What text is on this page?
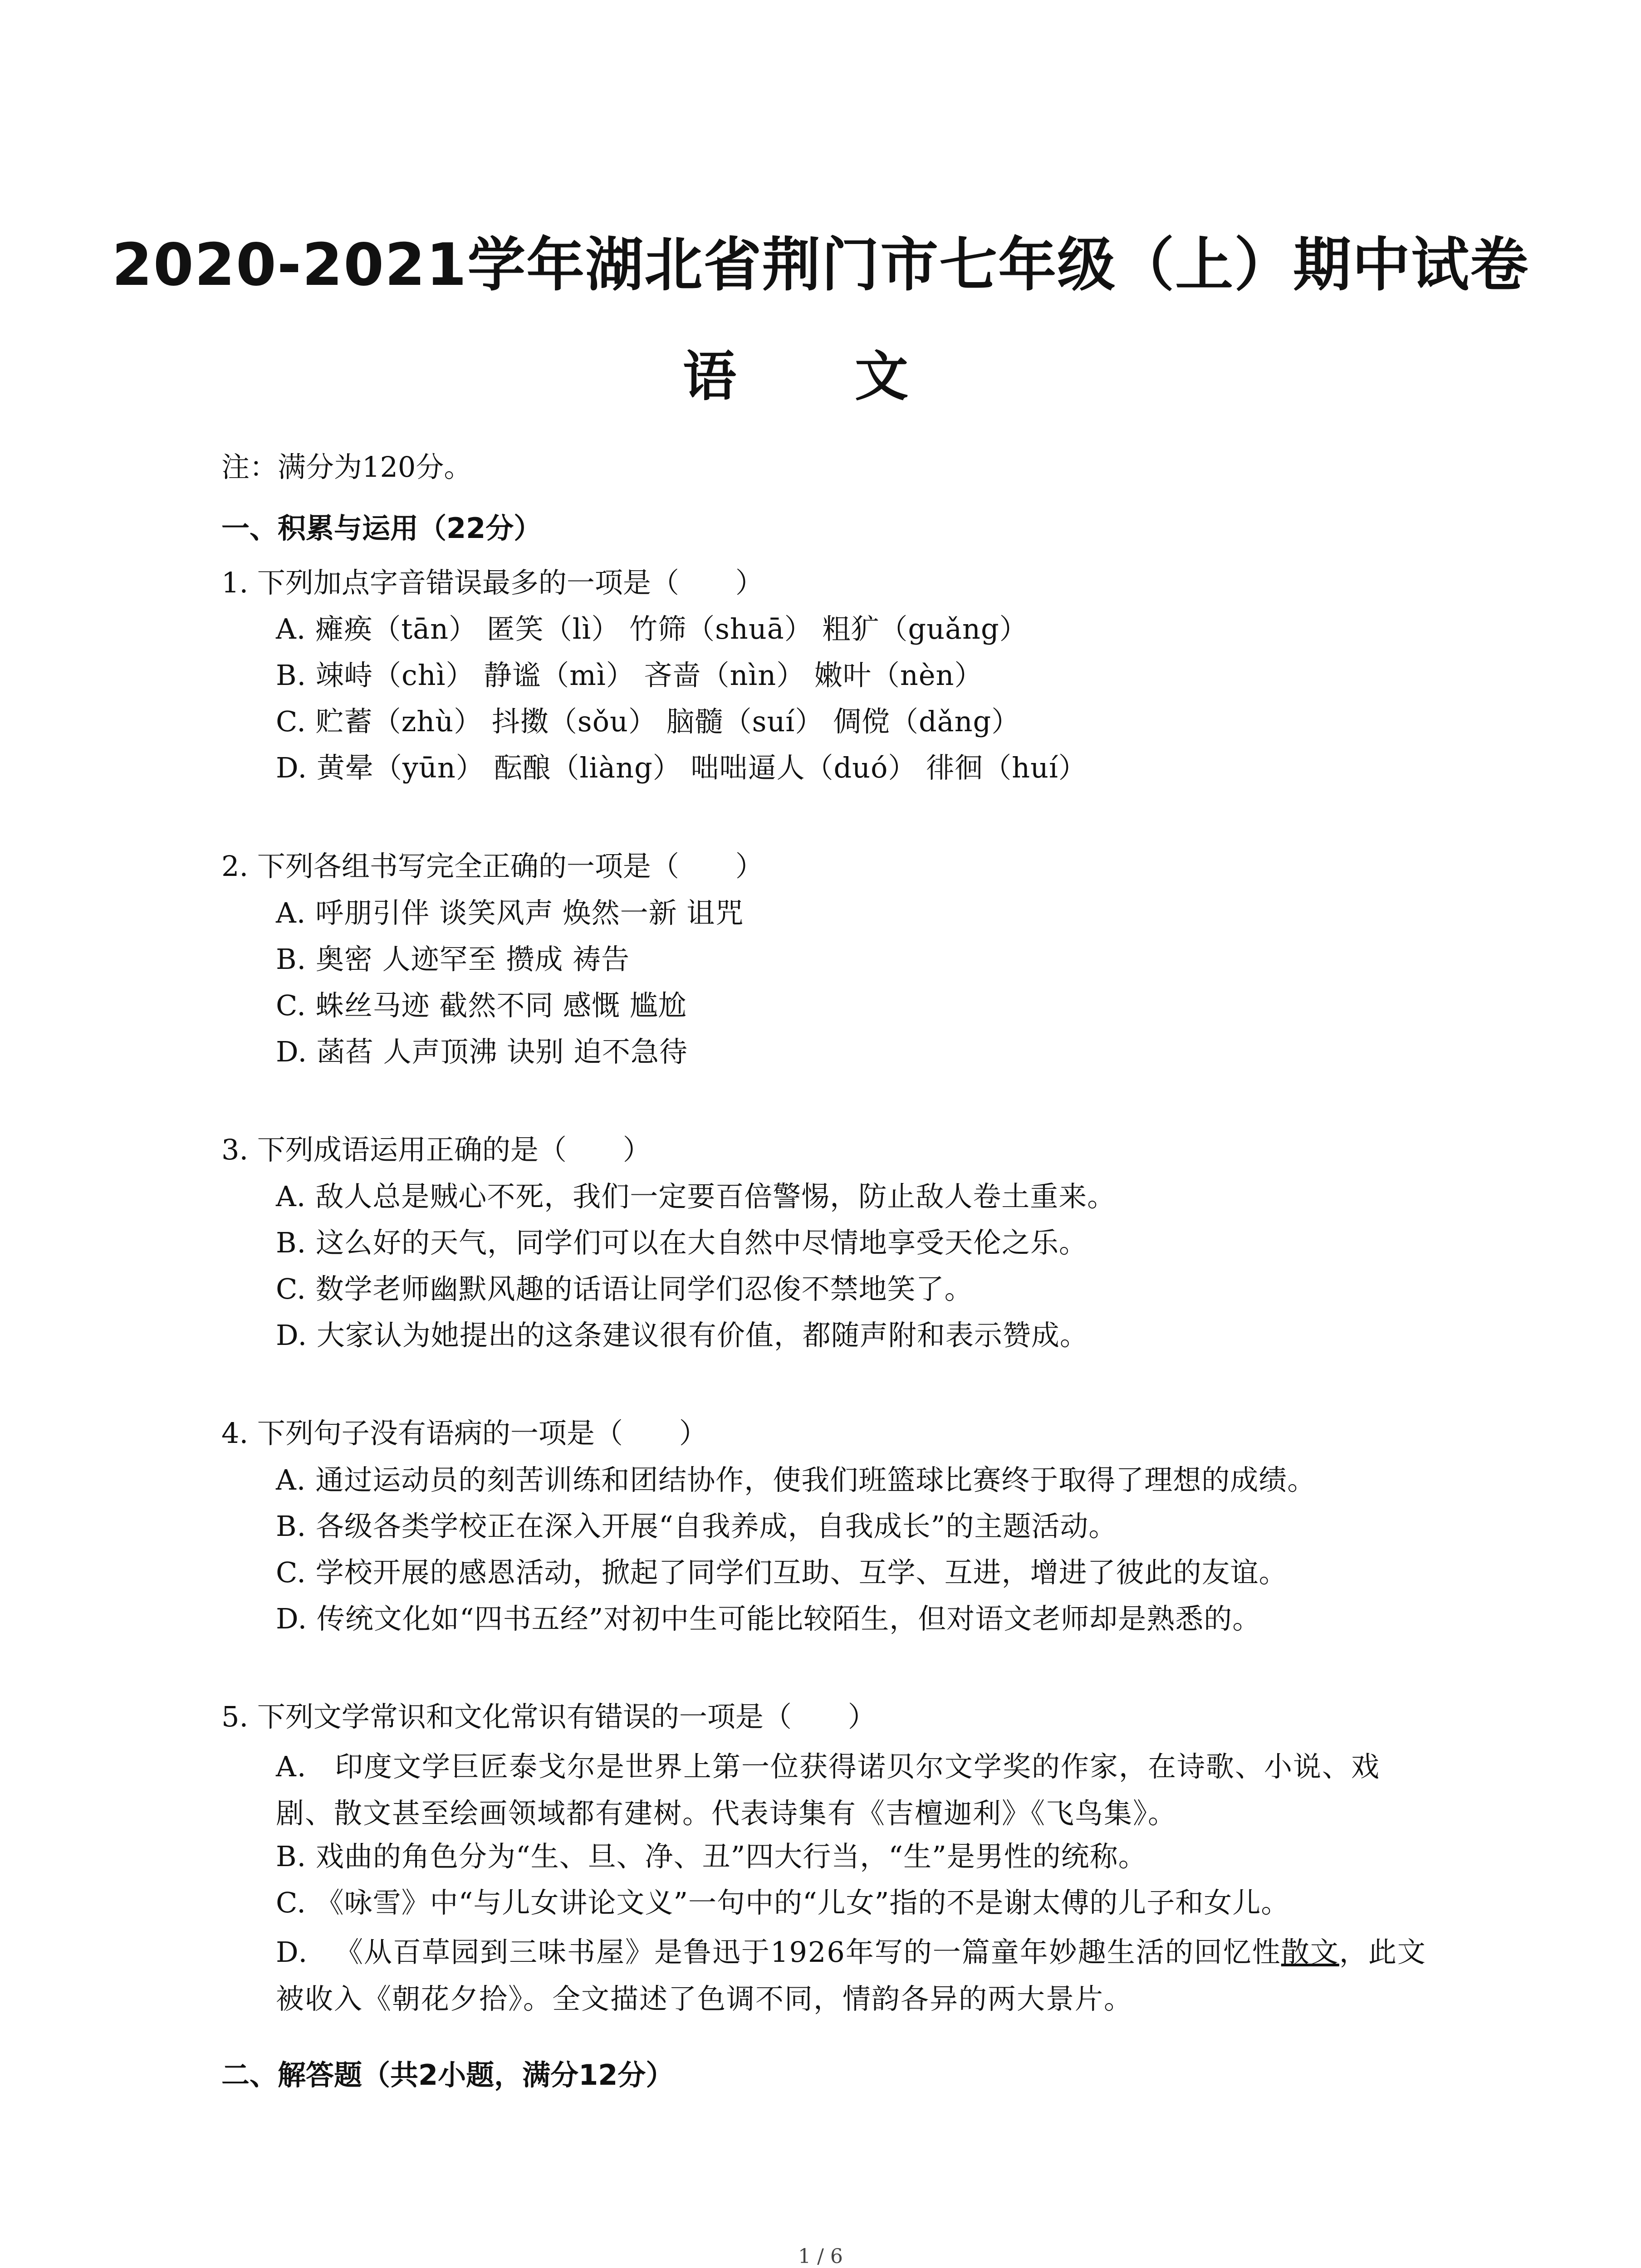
2020-2021学年湖北省荆门市七年级（上）期中试卷
语 文
注：满分为120分。
一、积累与运用（22分）
1. 下列加点字音错误最多的一项是（　　）
A. 瘫痪（tān） 匿笑（lì） 竹筛（shuā） 粗犷（guǎng）
B. 竦峙（chì） 静谧（mì） 吝啬（nìn） 嫩叶（nèn）
C. 贮蓄（zhù） 抖擞（sǒu） 脑髓（suí） 倜傥（dǎng）
D. 黄晕（yūn） 酝酿（liàng） 咄咄逼人（duó） 徘徊（huí）
2. 下列各组书写完全正确的一项是（　　）
A. 呼朋引伴 谈笑风声 焕然一新 诅咒
B. 奥密 人迹罕至 攒成 祷告
C. 蛛丝马迹 截然不同 感慨 尴尬
D. 菡萏 人声顶沸 诀别 迫不急待
3. 下列成语运用正确的是（　　）
A. 敌人总是贼心不死，我们一定要百倍警惕，防止敌人卷土重来。
B. 这么好的天气，同学们可以在大自然中尽情地享受天伦之乐。
C. 数学老师幽默风趣的话语让同学们忍俊不禁地笑了。
D. 大家认为她提出的这条建议很有价值，都随声附和表示赞成。
4. 下列句子没有语病的一项是（　　）
A. 通过运动员的刻苦训练和团结协作，使我们班篮球比赛终于取得了理想的成绩。
B. 各级各类学校正在深入开展“自我养成，自我成长”的主题活动。
C. 学校开展的感恩活动，掀起了同学们互助、互学、互进，增进了彼此的友谊。
D. 传统文化如“四书五经”对初中生可能比较陌生，但对语文老师却是熟悉的。
5. 下列文学常识和文化常识有错误的一项是（　　）
A. 印度文学巨匠泰戈尔是世界上第一位获得诺贝尔文学奖的作家，在诗歌、小说、戏剧、散文甚至绘画领域都有建树。代表诗集有《吉檀迦利》《飞鸟集》。
B. 戏曲的角色分为“生、旦、净、丑”四大行当，“生”是男性的统称。
C. 《咏雪》中“与儿女讲论文义”一句中的“儿女”指的不是谢太傅的儿子和女儿。
D. 《从百草园到三味书屋》是鲁迅于1926年写的一篇童年妙趣生活的回忆性散文，此文被收入《朝花夕拾》。全文描述了色调不同，情韵各异的两大景片。
二、解答题（共2小题，满分12分）
1 / 6
